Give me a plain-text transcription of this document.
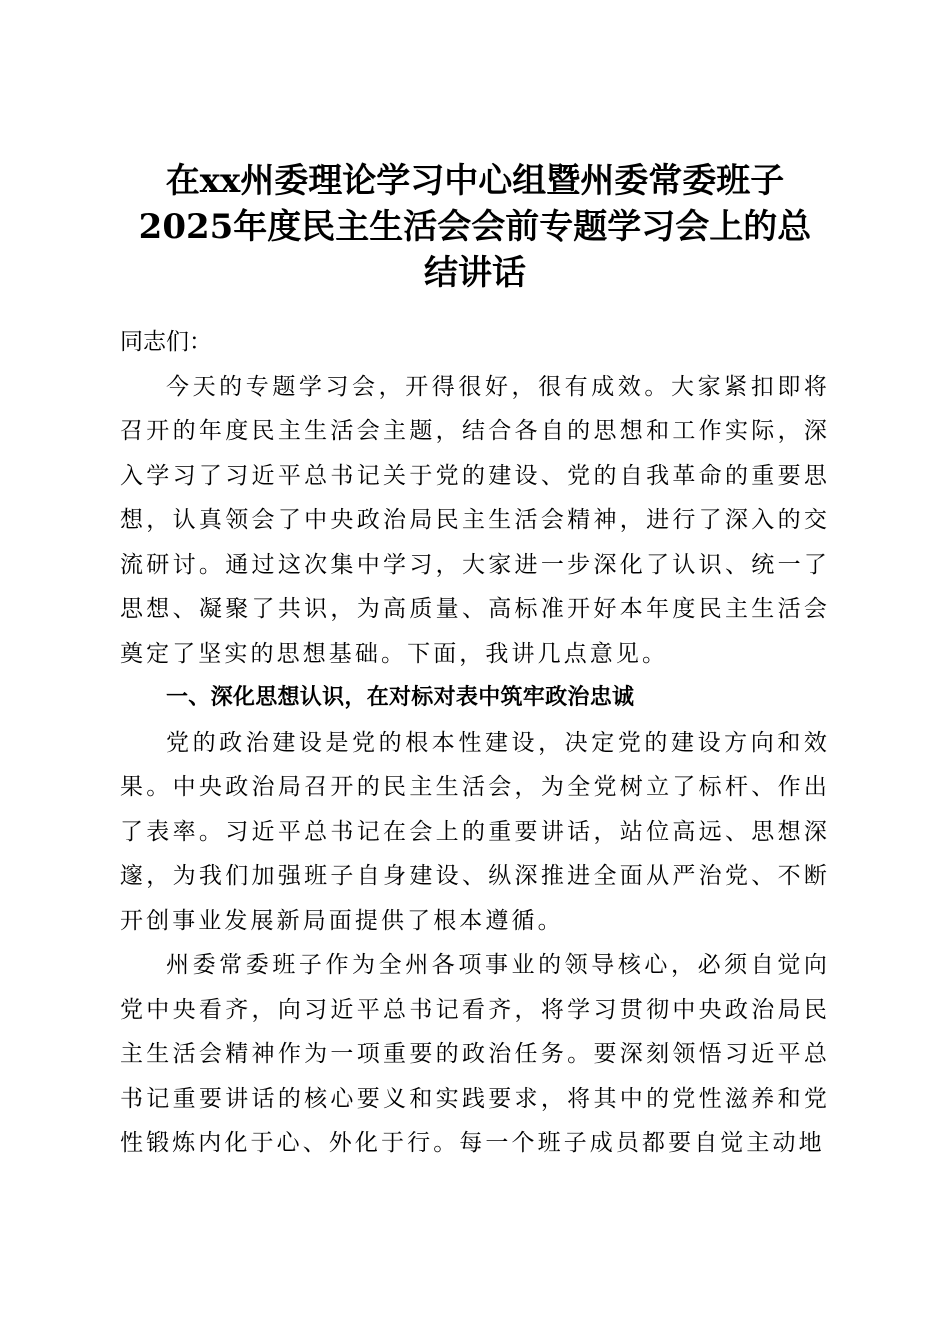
在xx州委理论学习中心组暨州委常委班子
2025年度民主生活会会前专题学习会上的总
结讲话

同志们：

今天的专题学习会，开得很好，很有成效。大家紧扣即将召开的年度民主生活会主题，结合各自的思想和工作实际，深入学习了习近平总书记关于党的建设、党的自我革命的重要思想，认真领会了中央政治局民主生活会精神，进行了深入的交流研讨。通过这次集中学习，大家进一步深化了认识、统一了思想、凝聚了共识，为高质量、高标准开好本年度民主生活会奠定了坚实的思想基础。下面，我讲几点意见。

一、深化思想认识，在对标对表中筑牢政治忠诚

党的政治建设是党的根本性建设，决定党的建设方向和效果。中央政治局召开的民主生活会，为全党树立了标杆、作出了表率。习近平总书记在会上的重要讲话，站位高远、思想深邃，为我们加强班子自身建设、纵深推进全面从严治党、不断开创事业发展新局面提供了根本遵循。

州委常委班子作为全州各项事业的领导核心，必须自觉向党中央看齐，向习近平总书记看齐，将学习贯彻中央政治局民主生活会精神作为一项重要的政治任务。要深刻领悟习近平总书记重要讲话的核心要义和实践要求，将其中的党性滋养和党性锻炼内化于心、外化于行。每一个班子成员都要自觉主动地
